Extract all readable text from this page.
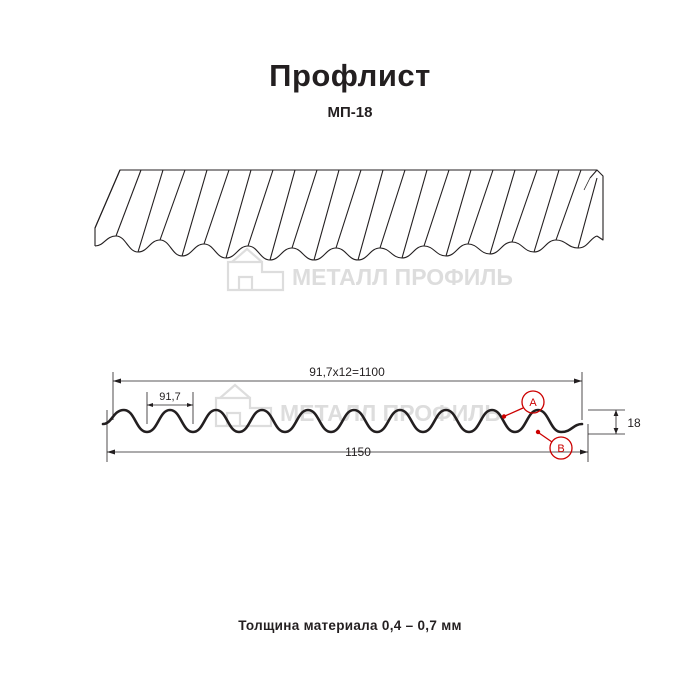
Профлист
МП-18
МЕТАЛЛ ПРОФИЛЬ
МЕТАЛЛ ПРОФИЛЬ
91,7х12=1100
91,7
1150
18
A
B
Толщина материала 0,4 – 0,7 мм
